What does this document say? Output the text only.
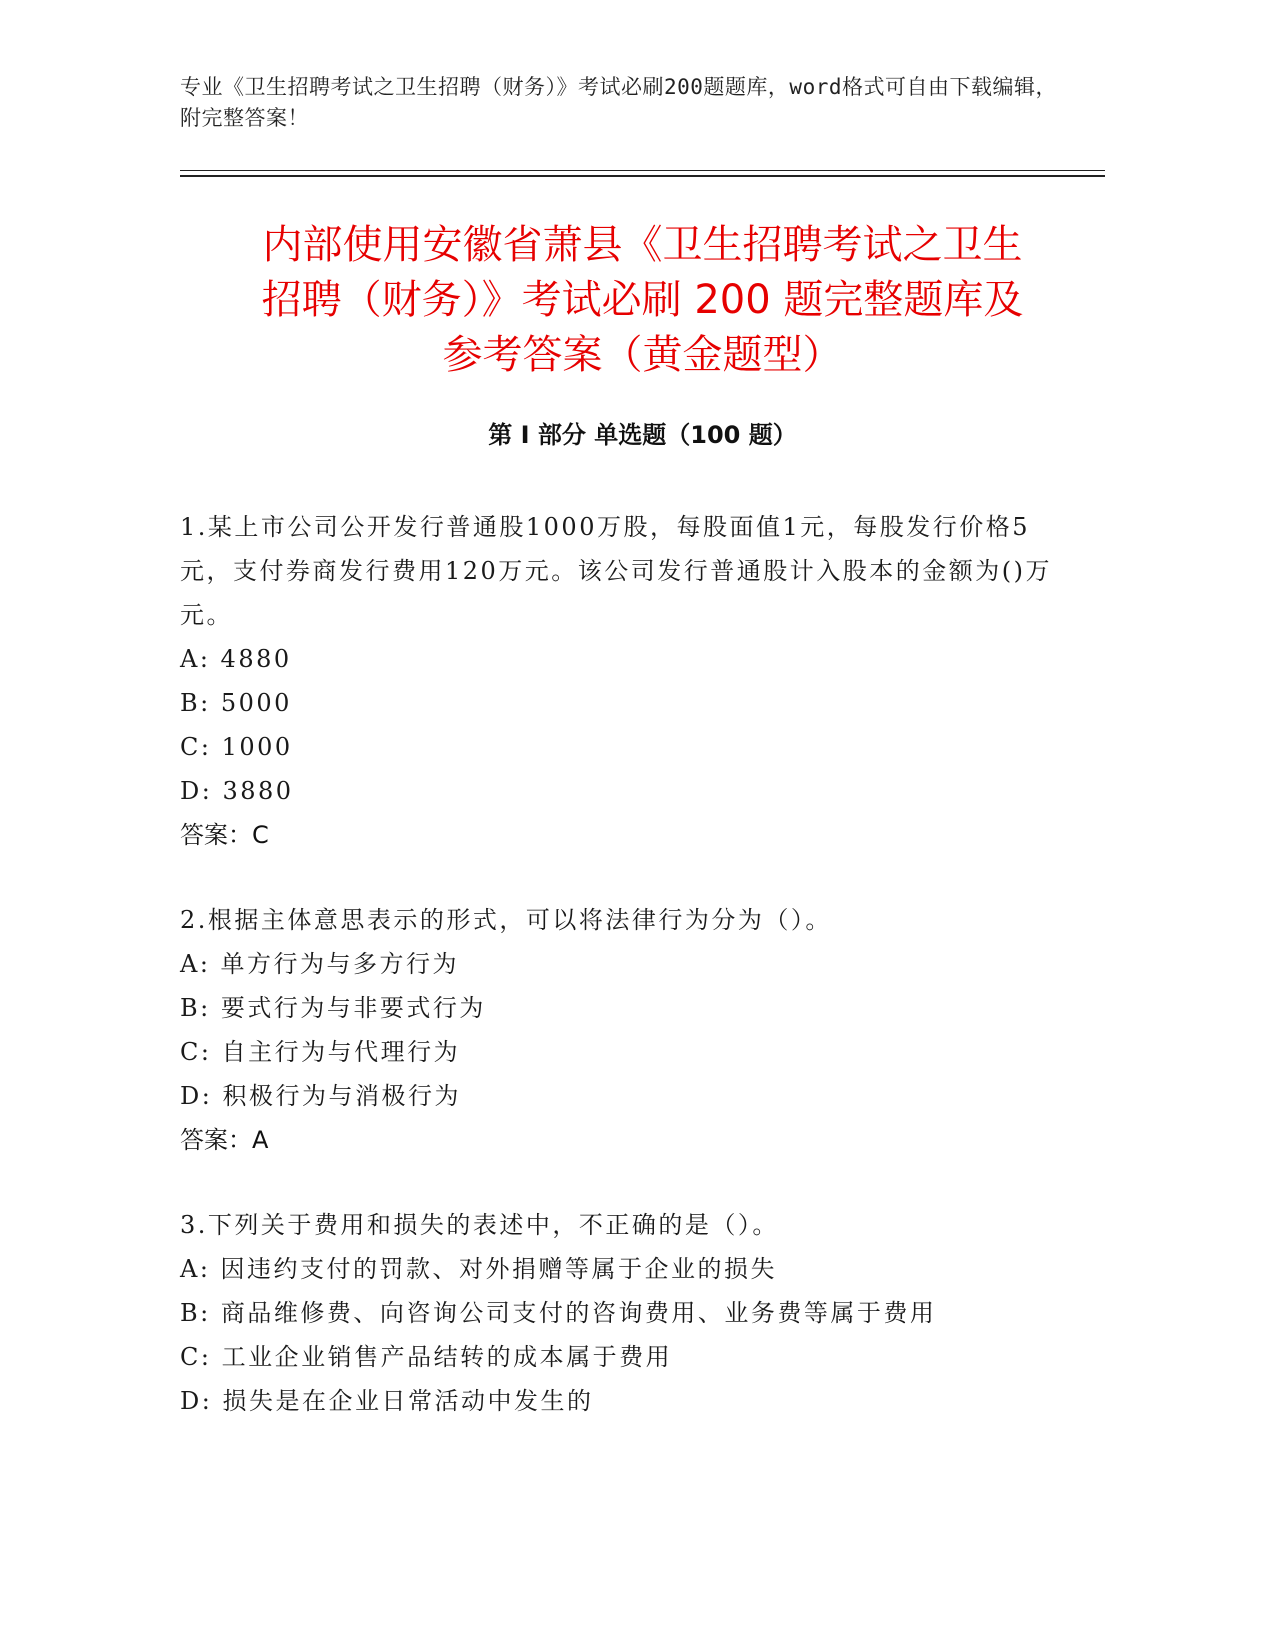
专业《卫生招聘考试之卫生招聘（财务）》考试必刷200题题库，word格式可自由下载编辑，附完整答案！
内部使用安徽省萧县《卫生招聘考试之卫生
招聘（财务）》考试必刷 200 题完整题库及
参考答案（黄金题型）
第 I 部分 单选题（100 题）
1.某上市公司公开发行普通股1000万股，每股面值1元，每股发行价格5元，支付券商发行费用120万元。该公司发行普通股计入股本的金额为()万元。
A: 4880
B: 5000
C: 1000
D: 3880
答案：C
2.根据主体意思表示的形式，可以将法律行为分为（）。
A: 单方行为与多方行为
B: 要式行为与非要式行为
C: 自主行为与代理行为
D: 积极行为与消极行为
答案：A
3.下列关于费用和损失的表述中，不正确的是（）。
A: 因违约支付的罚款、对外捐赠等属于企业的损失
B: 商品维修费、向咨询公司支付的咨询费用、业务费等属于费用
C: 工业企业销售产品结转的成本属于费用
D: 损失是在企业日常活动中发生的
